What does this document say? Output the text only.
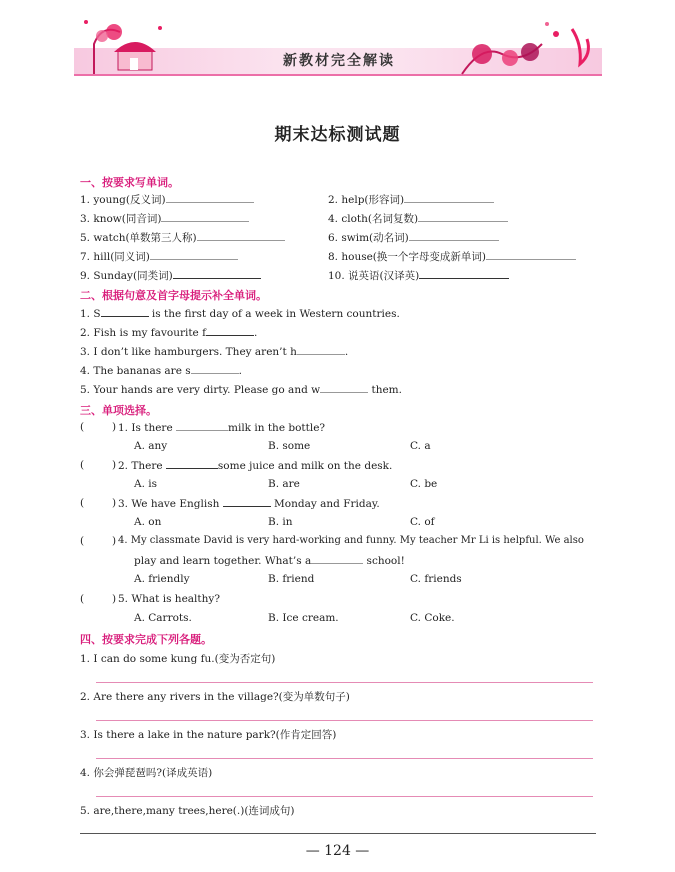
新教材完全解读
期末达标测试题
一、按要求写单词。
1. young(反义词)	2. help(形容词)
3. know(同音词)	4. cloth(名词复数)
5. watch(单数第三人称)	6. swim(动名词)
7. hill(同义词)	8. house(换一个字母变成新单词)
9. Sunday(同类词)	10. 说英语(汉译英)
二、根据句意及首字母提示补全单词。
1. S	is the first day of a week in Western countries.
2. Fish is my favourite f	.
3. I don’t like hamburgers. They aren’t h	.
4. The bananas are s	.
5. Your hands are very dirty. Please go and w	them.
三、单项选择。
(	) 1. Is there	milk in the bottle?
A. any	B. some	C. a
(	) 2. There	some juice and milk on the desk.
A. is	B. are	C. be
(	) 3. We have English	Monday and Friday.
A. on	B. in	C. of
(	) 4. My classmate David is very hard-working and funny. My teacher Mr Li is helpful. We also
play and learn together. What’s a	school!
A. friendly	B. friend	C. friends
(	) 5. What is healthy?
A. Carrots.	B. Ice cream.	C. Coke.
四、按要求完成下列各题。
1. I can do some kung fu.(变为否定句)
2. Are there any rivers in the village?(变为单数句子)
3. Is there a lake in the nature park?(作肯定回答)
4. 你会弹琵琶吗?(译成英语)
5. are,there,many trees,here(.)(连词成句)
— 124 —
